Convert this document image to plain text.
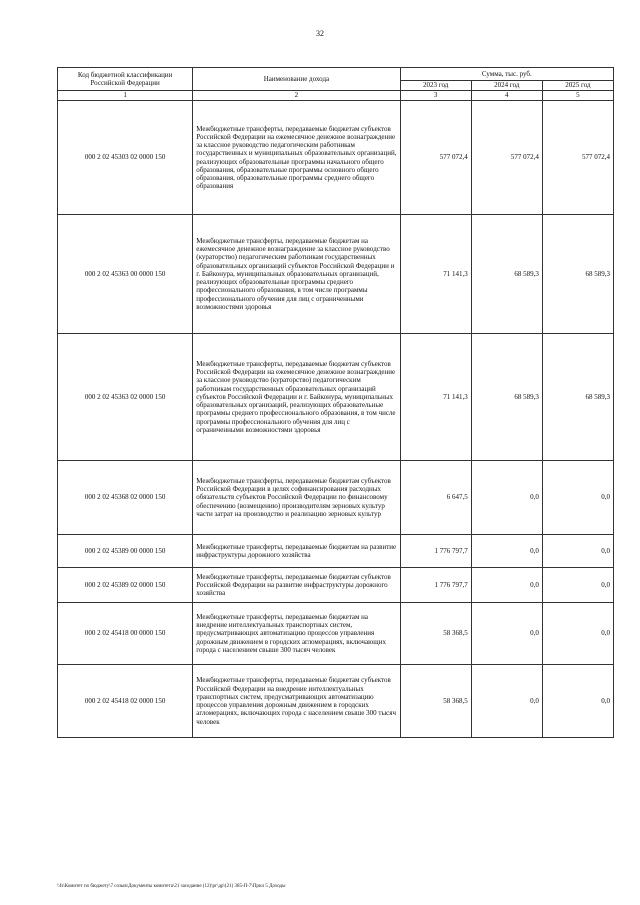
32
Код бюджетной классификации Российской Федерации	Наименование дохода	Сумма, тыс. руб.		
		2023 год	2024 год	2025 год
1	2	3	4	5
000 2 02 45303 02 0000 150	Межбюджетные трансферты, передаваемые бюджетам субъектов Российской Федерации на ежемесячное денежное вознаграждение за классное руководство педагогическим работникам государственных и муниципальных образовательных организаций, реализующих образовательные программы начального общего образования, образовательные программы основного общего образования, образовательные программы среднего общего образования	577 072,4	577 072,4	577 072,4
000 2 02 45363 00 0000 150	Межбюджетные трансферты, передаваемые бюджетам на ежемесячное денежное вознаграждение за классное руководство (кураторство) педагогическим работникам государственных образовательных организаций субъектов Российской Федерации и г. Байконура, муниципальных образовательных организаций, реализующих образовательные программы среднего профессионального образования, в том числе программы профессионального обучения для лиц с ограниченными возможностями здоровья	71 141,3	68 589,3	68 589,3
000 2 02 45363 02 0000 150	Межбюджетные трансферты, передаваемые бюджетам субъектов Российской Федерации на ежемесячное денежное вознаграждение за классное руководство (кураторство) педагогическим работникам государственных образовательных организаций субъектов Российской Федерации и г. Байконура, муниципальных образовательных организаций, реализующих образовательные программы среднего профессионального образования, в том числе программы профессионального обучения для лиц с ограниченными возможностями здоровья	71 141,3	68 589,3	68 589,3
000 2 02 45368 02 0000 150	Межбюджетные трансферты, передаваемые бюджетам субъектов Российской Федерации в целях софинансирования расходных обязательств субъектов Российской Федерации по финансовому обеспечению (возмещению) производителям зерновых культур части затрат на производство и реализацию зерновых культур	6 647,5	0,0	0,0
000 2 02 45389 00 0000 150	Межбюджетные трансферты, передаваемые бюджетам на развитие инфраструктуры дорожного хозяйства	1 776 797,7	0,0	0,0
000 2 02 45389 02 0000 150	Межбюджетные трансферты, передаваемые бюджетам субъектов Российской Федерации на развитие инфраструктуры дорожного хозяйства	1 776 797,7	0,0	0,0
000 2 02 45418 00 0000 150	Межбюджетные трансферты, передаваемые бюджетам на внедрение интеллектуальных транспортных систем, предусматривающих автоматизацию процессов управления дорожным движением в городских агломерациях, включающих города с населением свыше 300 тысяч человек	58 368,5	0,0	0,0
000 2 02 45418 02 0000 150	Межбюджетные трансферты, передаваемые бюджетам субъектов Российской Федерации на внедрение интеллектуальных транспортных систем, предусматривающих автоматизацию процессов управления дорожным движением в городских агломерациях, включающих города с населением свыше 300 тысяч человек	58 368,5	0,0	0,0
\\fs\Комитет по бюджету\7 созыв\Документы комитета\21 заседание (12)\рг\др\(21) 385-П-7\Прил 5 Доходы
